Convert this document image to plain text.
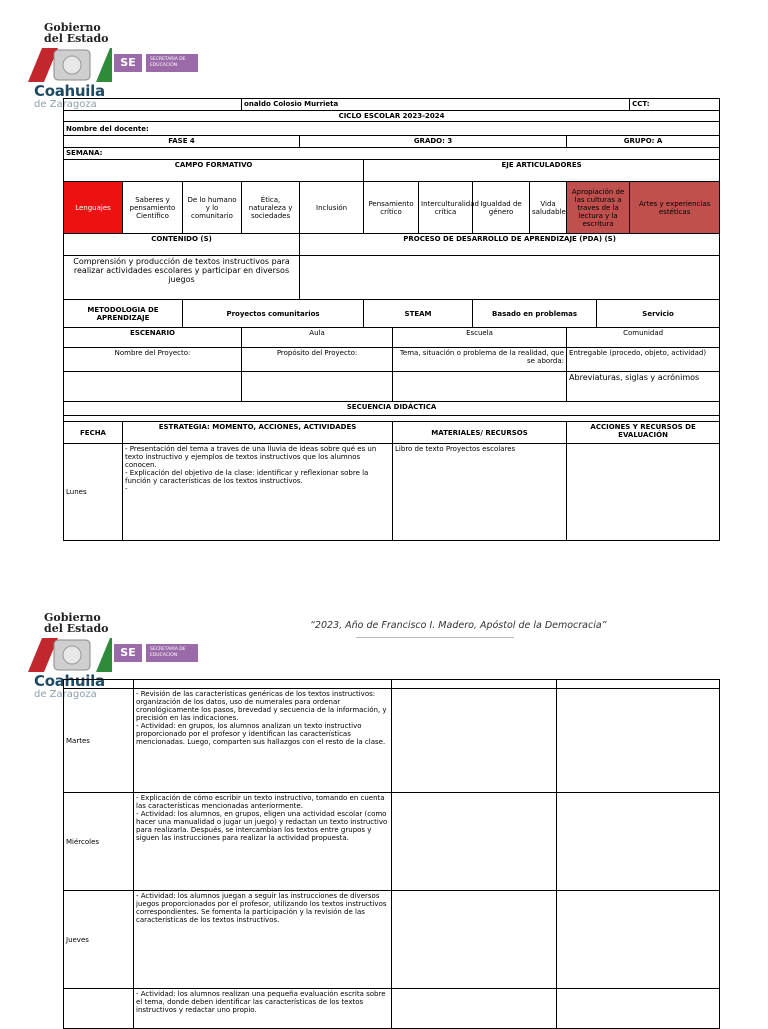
Gobierno
del Estado
SE	SECRETARÍA DE EDUCACIÓN
Coahuila
de Zaragoza
			onaldo Colosio Murrieta									CCT:
CICLO ESCOLAR 2023-2024												
Nombre del docente:												
FASE 4				GRADO: 3						GRUPO: A		
SEMANA:												
CAMPO FORMATIVO					EJE ARTICULADORES							
Lenguajes	Saberes y pensamiento Científico	De lo humano y lo comunitario	Ética, naturaleza y sociedades	Inclusión	Pensamiento crítico		Interculturalidad crítica	Igualdad de género	Vida saludable	Apropiación de las culturas a traves de la lectura y la escritura		Artes y experiencias estéticas
CONTENIDO (S)				PROCESO DE DESARROLLO DE APRENDIZAJE (PDA) (S)								
Comprensión y producción de textos instructivos para realizar actividades escolares y participar en diversos juegos												
METODOLOGIA DE APRENDIZAJE		Proyectos comunitarios			STEAM			Basado en problemas			Servicio	
ESCENARIO			Aula			Escuela				Comunidad		
Nombre del Proyecto:			Propósito del Proyecto:			Tema, situación o problema de la realidad, que se aborda:				Entregable (procedo, objeto, actividad)		
										Abreviaturas, siglas y acrónimos		
SECUENCIA DIDÁCTICA												

FECHA	ESTRATEGIA: MOMENTO, ACCIONES, ACTIVIDADES					MATERIALES/ RECURSOS				ACCIONES Y RECURSOS DE EVALUACIÓN		
Lunes	- Presentación del tema a traves de una lluvia de ideas sobre qué es un texto instructivo y ejemplos de textos instructivos que los alumnos conocen.
- Explicación del objetivo de la clase: identificar y reflexionar sobre la función y características de los textos instructivos.
-					Libro de texto Proyectos escolares						
“2023, Año de Francisco I. Madero, Apóstol de la Democracia”
Gobierno
del Estado
SE	SECRETARÍA DE EDUCACIÓN
Coahuila
de Zaragoza

Martes	- Revisión de las características genéricas de los textos instructivos: organización de los datos, uso de numerales para ordenar cronológicamente los pasos, brevedad y secuencia de la información, y precisión en las indicaciones.
- Actividad: en grupos, los alumnos analizan un texto instructivo proporcionado por el profesor y identifican las características mencionadas. Luego, comparten sus hallazgos con el resto de la clase.		
Miércoles	- Explicación de cómo escribir un texto instructivo, tomando en cuenta las características mencionadas anteriormente.
- Actividad: los alumnos, en grupos, eligen una actividad escolar (como hacer una manualidad o jugar un juego) y redactan un texto instructivo para realizarla. Después, se intercambian los textos entre grupos y siguen las instrucciones para realizar la actividad propuesta.		
Jueves	- Actividad: los alumnos juegan a seguir las instrucciones de diversos juegos proporcionados por el profesor, utilizando los textos instructivos correspondientes. Se fomenta la participación y la revisión de las características de los textos instructivos.		
	- Actividad: los alumnos realizan una pequeña evaluación escrita sobre el tema, donde deben identificar las características de los textos instructivos y redactar uno propio.		
